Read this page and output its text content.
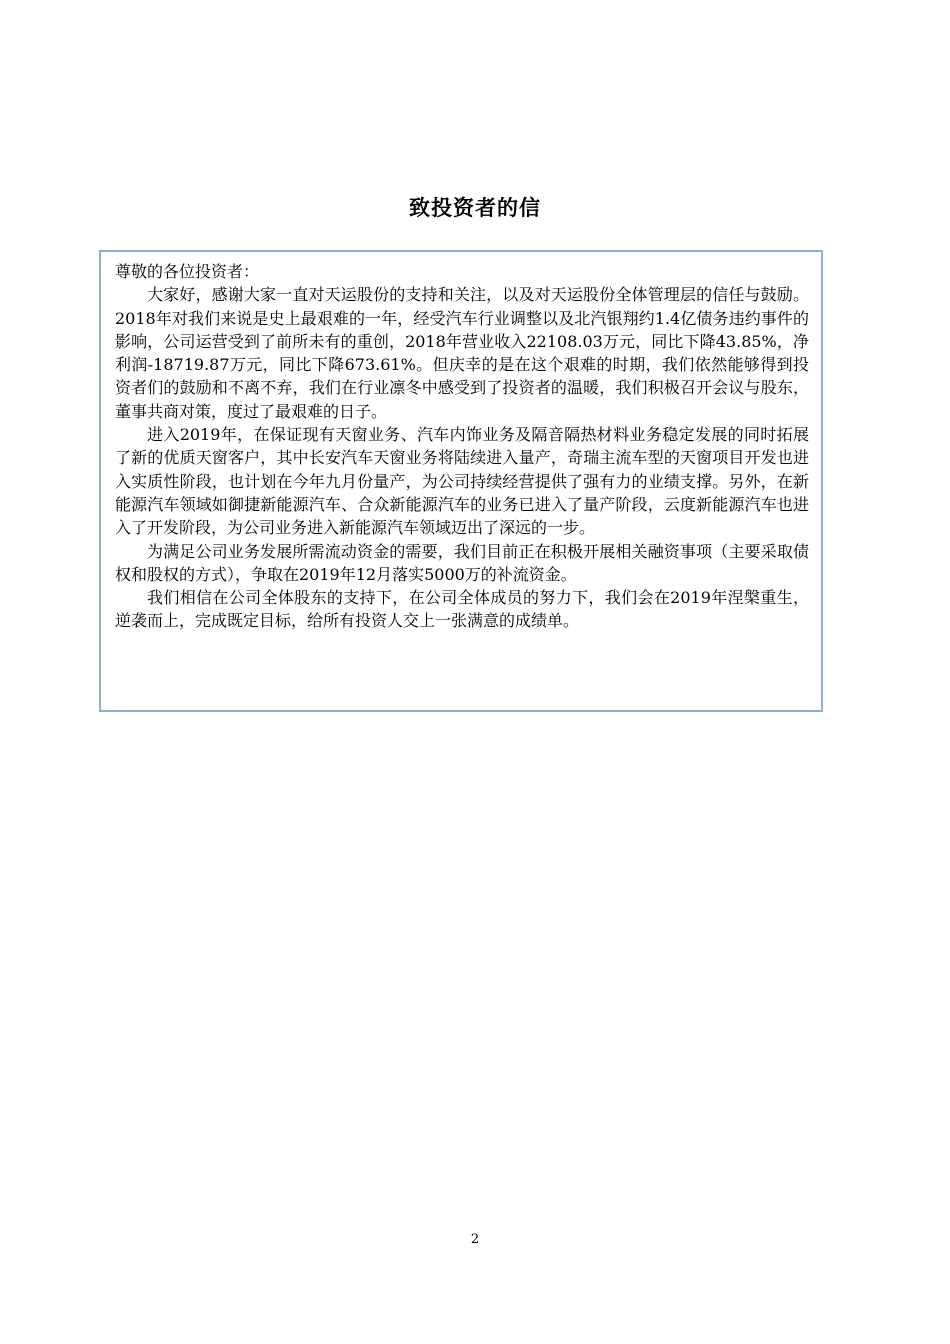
致投资者的信

尊敬的各位投资者：

大家好，感谢大家一直对天运股份的支持和关注，以及对天运股份全体管理层的信任与鼓励。2018年对我们来说是史上最艰难的一年，经受汽车行业调整以及北汽银翔约1.4亿债务违约事件的影响，公司运营受到了前所未有的重创，2018年营业收入22108.03万元，同比下降43.85%，净利润-18719.87万元，同比下降673.61%。但庆幸的是在这个艰难的时期，我们依然能够得到投资者们的鼓励和不离不弃，我们在行业凛冬中感受到了投资者的温暖，我们积极召开会议与股东，董事共商对策，度过了最艰难的日子。

进入2019年，在保证现有天窗业务、汽车内饰业务及隔音隔热材料业务稳定发展的同时拓展了新的优质天窗客户，其中长安汽车天窗业务将陆续进入量产，奇瑞主流车型的天窗项目开发也进入实质性阶段，也计划在今年九月份量产，为公司持续经营提供了强有力的业绩支撑。另外，在新能源汽车领域如御捷新能源汽车、合众新能源汽车的业务已进入了量产阶段，云度新能源汽车也进入了开发阶段，为公司业务进入新能源汽车领域迈出了深远的一步。

为满足公司业务发展所需流动资金的需要，我们目前正在积极开展相关融资事项（主要采取债权和股权的方式），争取在2019年12月落实5000万的补流资金。

我们相信在公司全体股东的支持下，在公司全体成员的努力下，我们会在2019年涅槃重生，逆袭而上，完成既定目标，给所有投资人交上一张满意的成绩单。

2
